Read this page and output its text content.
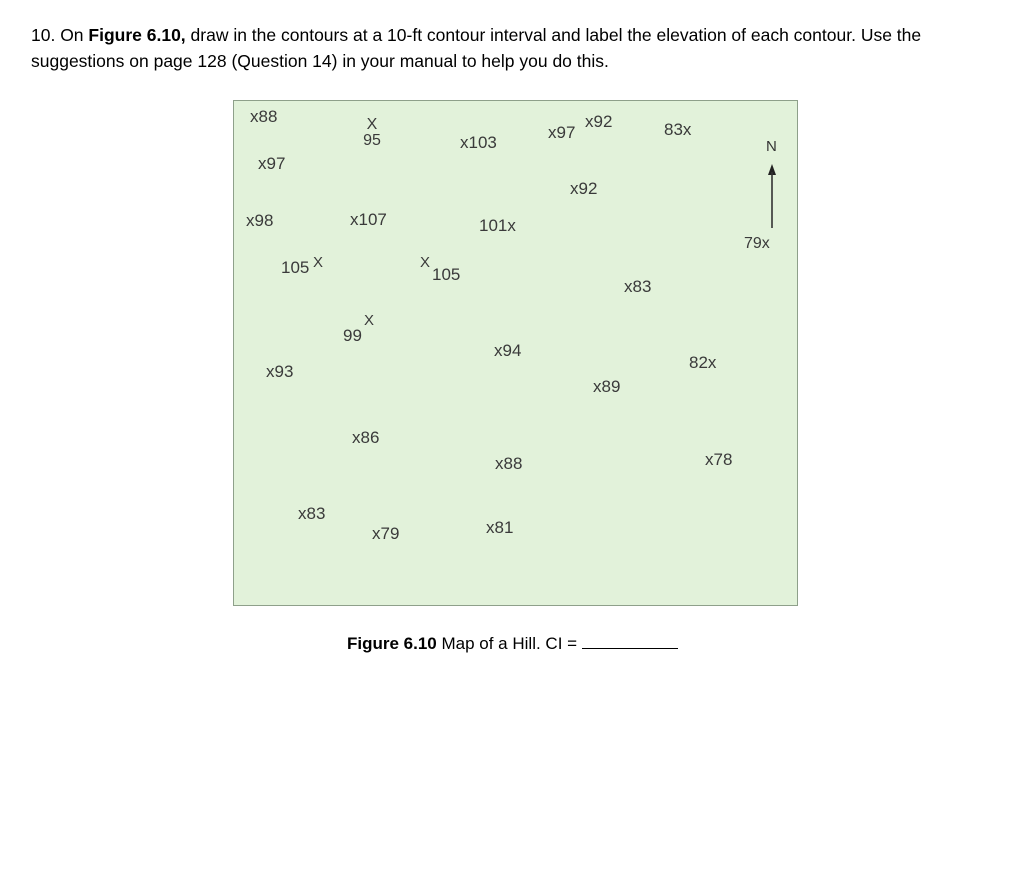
10. On Figure 6.10, draw in the contours at a 10-ft contour interval and label the elevation of each contour. Use the suggestions on page 128 (Question 14) in your manual to help you do this.
x88
x97
X
95	x103
x97
x92	83x
x92
x98	x107	101x
79x
105 X	X
105
x83
99
X
x94
82x
x93
x89
x86
x88	x78
x83
x79	x81
N
Figure 6.10 Map of a Hill. CI =
